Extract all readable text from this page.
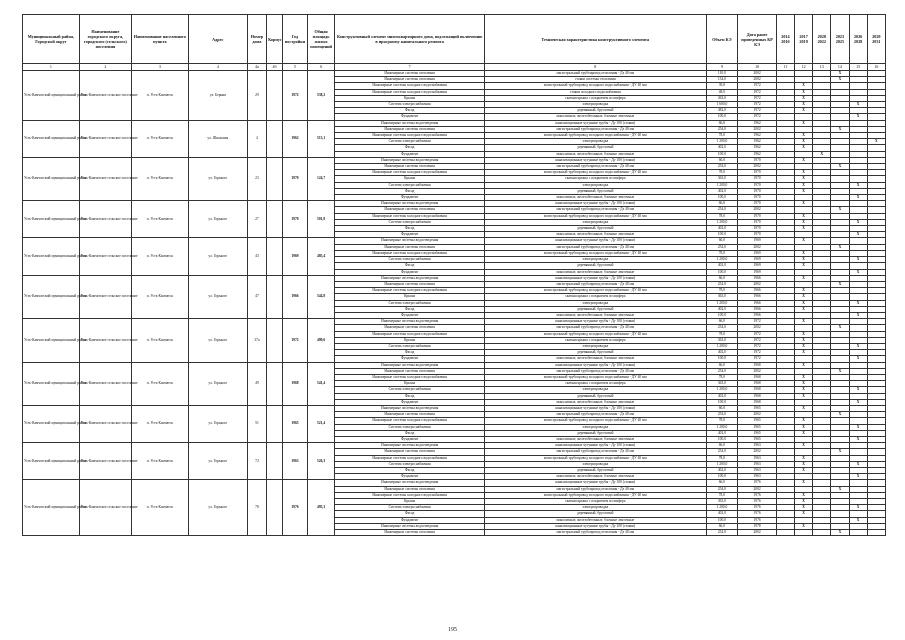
Муниципальный район, Городской округ	Наименование городского округа, городского (сельского) поселения	Наименование населенного пункта	Адрес	Номер дома	Корпус	Год постройки	Общая площадь жилых помещений	Конструктивный элемент многоквартирного дома, подлежащий включению в программу капитального ремонта	Техническая характеристика конструктивного элемента	Объем КЭ	Дата ранее проведенных КР КЭ	2014 2016	2017 2019	2020 2022	2023 2025	2026 2028	2029 2031
1	2	3	4	4а	4б	5	6	7	8	9	10	11	12	13	14	15	16
Усть-Камчатский муниципальный район	Усть-Камчатское сельское поселение	п. Усть-Камчатск	ул. Берняя	29		1972	538,2	Инженерные системы отопления	магистральный трубопровод отопления - Дз 40 мм	110,0	2002				X		
								Инженерные системы отопления	стояки системы отопления	134,0	2002				X		
								Инженерные системы холодного водоснабжения	магистральный трубопровод холодного водоснабжения - ДУ 40 мм	39,8	1972		X				
								Инженерные системы холодного водоснабжения	стояки холодного водоснабжения	48,0	1972		X				
								Крыша	скатная крыша с покрытием из шифера	363,0	1972		X				
								Система электроснабжения	электропроводка	1 600,0	1972		X			X	
								Фасад	деревянный, брусчатый	482,0	1972		X				
								Фундамент	монолитные, железобетонные, блочные ленточные	100,0	1972					X	
Усть-Камчатский муниципальный район	Усть-Камчатское сельское поселение	п. Усть-Камчатск	ул. Школьная	4		1962	513,1	Инженерные системы водоотведения	канализационные чугунные трубы - Ду 100 (стояки)	66,0	1962		X				
								Инженерные системы отопления	магистральный трубопровод отопления - Дз 40 мм	254,0	2002				X		
								Инженерные системы холодного водоснабжения	магистральный трубопровод холодного водоснабжения - ДУ 40 мм	78,0	1962		X				
								Система электроснабжения	электропроводка	1 200,0	1962		X				X
								Фасад	деревянный, брусчатый	402,0	1962		X				
								Фундамент	монолитные, железобетонные, блочные ленточные	100,0	1962			X			
Усть-Камчатский муниципальный район	Усть-Камчатское сельское поселение	п. Усть-Камчатск	ул. Горького	23		1970	124,7	Инженерные системы водоотведения	канализационные чугунные трубы - Ду 100 (стояки)	66,0	1970		X				
								Инженерные системы отопления	магистральный трубопровод отопления - Дз 40 мм	254,0	2002				X		
								Инженерные системы холодного водоснабжения	магистральный трубопровод холодного водоснабжения - ДУ 40 мм	78,0	1970		X				
								Крыша	скатная крыша с покрытием из шифера	363,0	1970		X				
								Система электроснабжения	электропроводка	1 200,0	1970		X			X	
								Фасад	деревянный, брусчатый	402,0	1970		X				
								Фундамент	монолитные, железобетонные, блочные ленточные	100,0	1970					X	
Усть-Камчатский муниципальный район	Усть-Камчатское сельское поселение	п. Усть-Камчатск	ул. Горького	27		1970	501,8	Инженерные системы водоотведения	канализационные чугунные трубы - Ду 100 (стояки)	66,0	1970		X				
								Инженерные системы отопления	магистральный трубопровод отопления - Дз 40 мм	254,0	2002				X		
								Инженерные системы холодного водоснабжения	магистральный трубопровод холодного водоснабжения - ДУ 40 мм	78,0	1970		X				
								Система электроснабжения	электропроводка	1 200,0	1970		X			X	
								Фасад	деревянный, брусчатый	402,0	1970		X				
								Фундамент	монолитные, железобетонные, блочные ленточные	100,0	1970					X	
Усть-Камчатский муниципальный район	Усть-Камчатское сельское поселение	п. Усть-Камчатск	ул. Горького	43		1969	485,4	Инженерные системы водоотведения	канализационные чугунные трубы - Ду 100 (стояки)	66,0	1969		X				
								Инженерные системы отопления	магистральный трубопровод отопления - Дз 40 мм	254,0	2002				X		
								Инженерные системы холодного водоснабжения	магистральный трубопровод холодного водоснабжения - ДУ 40 мм	78,0	1969		X				
								Система электроснабжения	электропроводка	1 200,0	1969		X			X	
								Фасад	деревянный, брусчатый	402,0	1969		X				
								Фундамент	монолитные, железобетонные, блочные ленточные	100,0	1969					X	
Усть-Камчатский муниципальный район	Усть-Камчатское сельское поселение	п. Усть-Камчатск	ул. Горького	47		1966	544,8	Инженерные системы водоотведения	канализационные чугунные трубы - Ду 100 (стояки)	66,0	1966		X				
								Инженерные системы отопления	магистральный трубопровод отопления - Дз 40 мм	254,0	2002				X		
								Инженерные системы холодного водоснабжения	магистральный трубопровод холодного водоснабжения - ДУ 40 мм	78,0	1966		X				
								Крыша	скатная крыша с покрытием из шифера	363,0	1966		X				
								Система электроснабжения	электропроводка	1 200,0	1966		X			X	
								Фасад	деревянный, брусчатый	402,0	1966		X				
								Фундамент	монолитные, железобетонные, блочные ленточные	100,0	1966					X	
Усть-Камчатский муниципальный район	Усть-Камчатское сельское поселение	п. Усть-Камчатск	ул. Горького	37а		1972	499,6	Инженерные системы водоотведения	канализационные чугунные трубы - Ду 100 (стояки)	66,0	1972		X				
								Инженерные системы отопления	магистральный трубопровод отопления - Дз 40 мм	254,0	2002				X		
								Инженерные системы холодного водоснабжения	магистральный трубопровод холодного водоснабжения - ДУ 40 мм	78,0	1972		X				
								Крыша	скатная крыша с покрытием из шифера	363,0	1972		X				
								Система электроснабжения	электропроводка	1 200,0	1972		X			X	
								Фасад	деревянный, брусчатый	402,0	1972		X				
								Фундамент	монолитные, железобетонные, блочные ленточные	100,0	1972					X	
Усть-Камчатский муниципальный район	Усть-Камчатское сельское поселение	п. Усть-Камчатск	ул. Горького	49		1968	541,4	Инженерные системы водоотведения	канализационные чугунные трубы - Ду 100 (стояки)	66,0	1968		X				
								Инженерные системы отопления	магистральный трубопровод отопления - Дз 40 мм	254,0	2002				X		
								Инженерные системы холодного водоснабжения	магистральный трубопровод холодного водоснабжения - ДУ 40 мм	78,0	1968		X				
								Крыша	скатная крыша с покрытием из шифера	363,0	1968		X				
								Система электроснабжения	электропроводка	1 200,0	1968		X			X	
								Фасад	деревянный, брусчатый	402,0	1968		X				
								Фундамент	монолитные, железобетонные, блочные ленточные	100,0	1968					X	
Усть-Камчатский муниципальный район	Усть-Камчатское сельское поселение	п. Усть-Камчатск	ул. Горького	51		1965	521,4	Инженерные системы водоотведения	канализационные чугунные трубы - Ду 100 (стояки)	66,0	1965		X				
								Инженерные системы отопления	магистральный трубопровод отопления - Дз 40 мм	254,0	2002				X		
								Инженерные системы холодного водоснабжения	магистральный трубопровод холодного водоснабжения - ДУ 40 мм	78,0	1965		X				
								Система электроснабжения	электропроводка	1 200,0	1965		X			X	
								Фасад	деревянный, брусчатый	402,0	1965		X				
								Фундамент	монолитные, железобетонные, блочные ленточные	100,0	1965					X	
Усть-Камчатский муниципальный район	Усть-Камчатское сельское поселение	п. Усть-Камчатск	ул. Горького	72		1963	526,3	Инженерные системы водоотведения	канализационные чугунные трубы - Ду 100 (стояки)	66,0	1963		X				
								Инженерные системы отопления	магистральный трубопровод отопления - Дз 40 мм	254,0	2002				X		
								Инженерные системы холодного водоснабжения	магистральный трубопровод холодного водоснабжения - ДУ 40 мм	78,0	1963		X				
								Система электроснабжения	электропроводка	1 200,0	1963		X			X	
								Фасад	деревянный, брусчатый	402,0	1963		X				
								Фундамент	монолитные, железобетонные, блочные ленточные	100,0	1963					X	
Усть-Камчатский муниципальный район	Усть-Камчатское сельское поселение	п. Усть-Камчатск	ул. Горького	78		1976	495,3	Инженерные системы водоотведения	канализационные чугунные трубы - Ду 100 (стояки)	66,0	1976		X				
								Инженерные системы отопления	магистральный трубопровод отопления - Дз 40 мм	254,0	2002				X		
								Инженерные системы холодного водоснабжения	магистральный трубопровод холодного водоснабжения - ДУ 40 мм	78,0	1976		X				
								Крыша	скатная крыша с покрытием из шифера	363,0	1976		X				
								Система электроснабжения	электропроводка	1 200,0	1976		X			X	
								Фасад	деревянный, брусчатый	402,0	1976		X				
								Фундамент	монолитные, железобетонные, блочные ленточные	100,0	1976					X	
								Инженерные системы водоотведения	канализационные чугунные трубы - Ду 100 (стояки)	66,0	1978		X				
								Инженерные системы отопления	магистральный трубопровод отопления - Дз 40 мм	254,0	2002				X		
195
